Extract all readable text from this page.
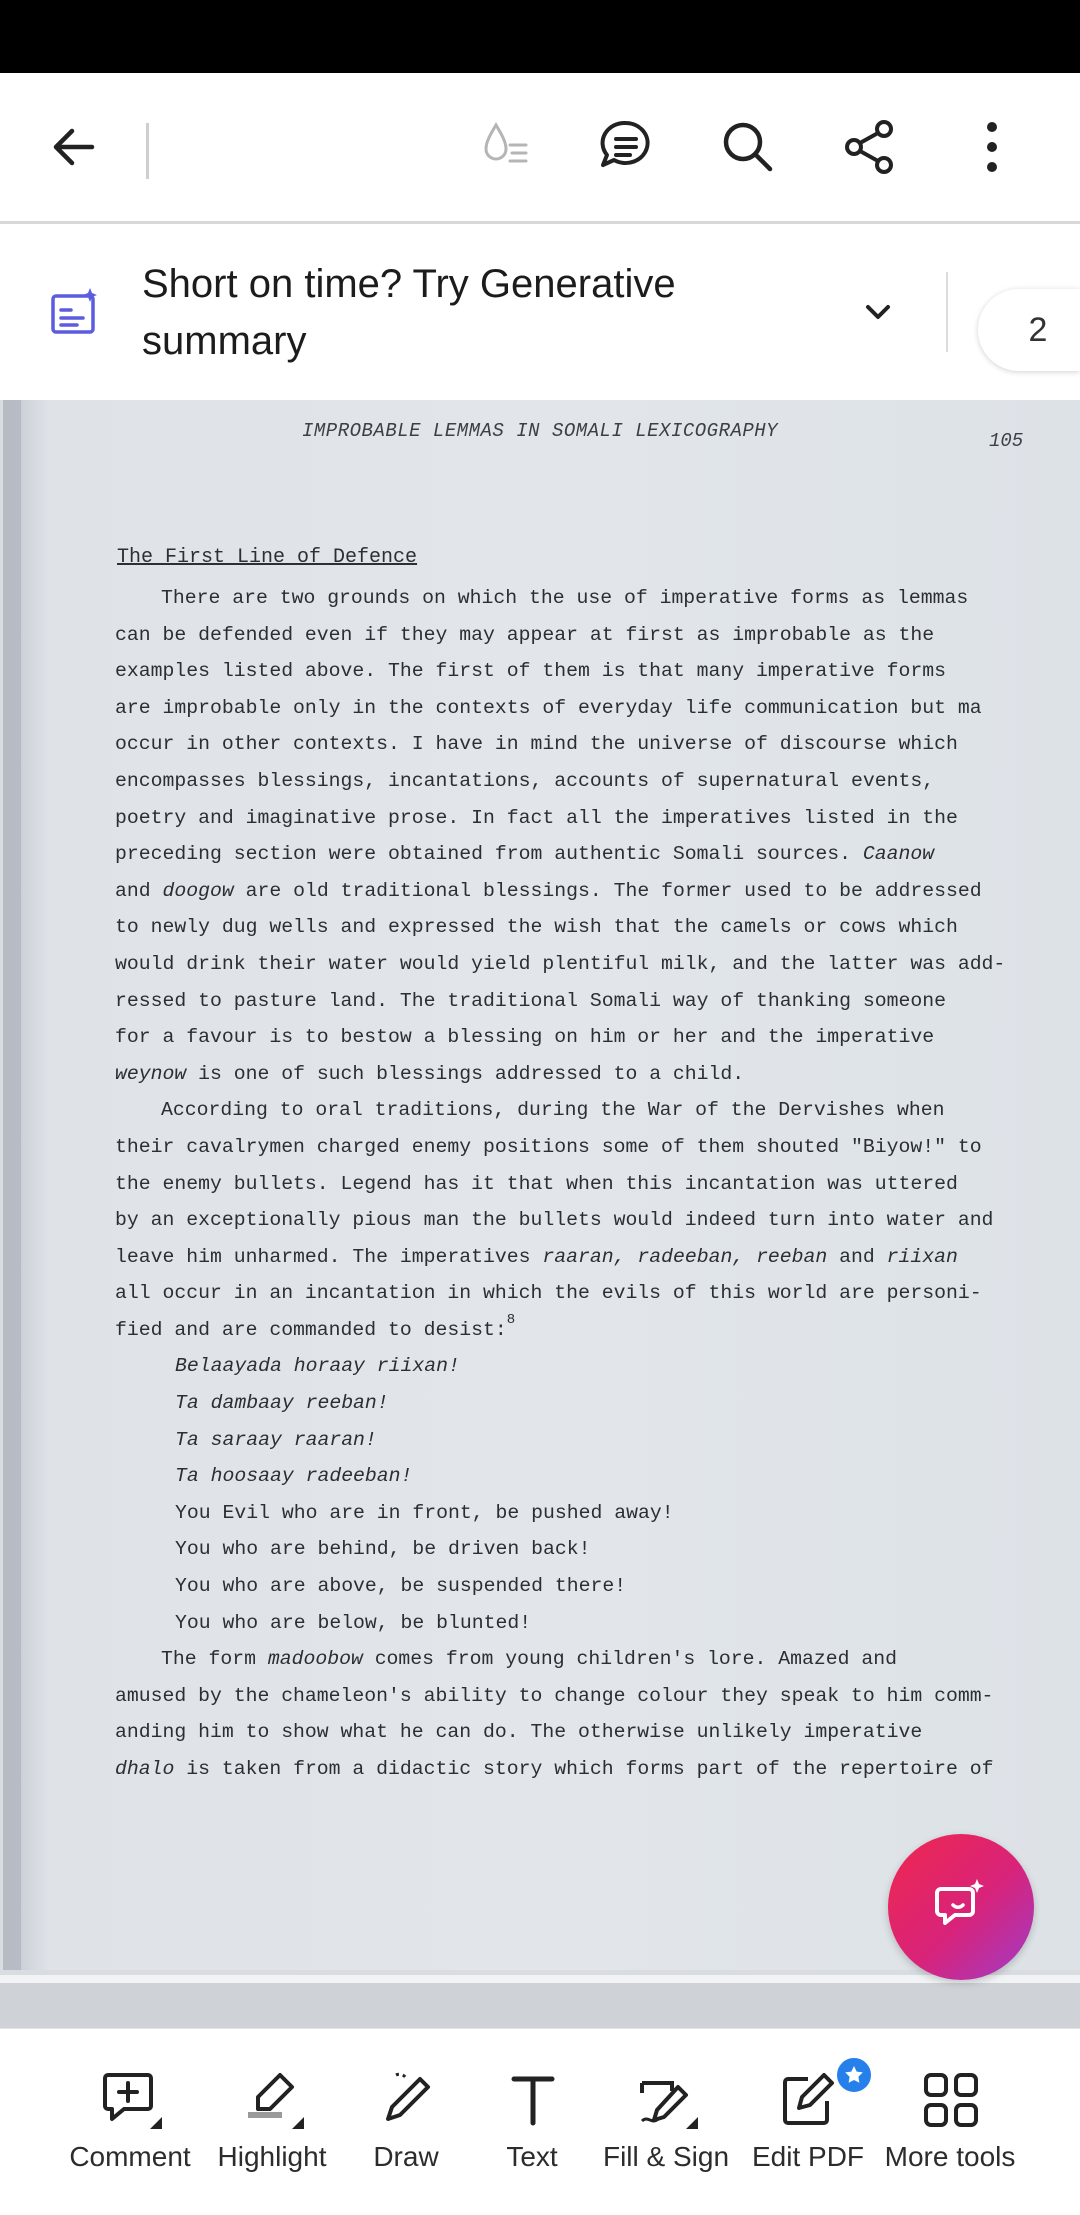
Short on time? Try Generative summary
IMPROBABLE LEMMAS IN SOMALI LEXICOGRAPHY	105
The First Line of Defence

There are two grounds on which the use of imperative forms as lemmas

can be defended even if they may appear at first as improbable as the

examples listed above. The first of them is that many imperative forms

are improbable only in the contexts of everyday life communication but ma

occur in other contexts. I have in mind the universe of discourse which

encompasses blessings, incantations, accounts of supernatural events,

poetry and imaginative prose. In fact all the imperatives listed in the

preceding section were obtained from authentic Somali sources. Caanow

and doogow are old traditional blessings. The former used to be addressed

to newly dug wells and expressed the wish that the camels or cows which

would drink their water would yield plentiful milk, and the latter was add-

ressed to pasture land. The traditional Somali way of thanking someone

for a favour is to bestow a blessing on him or her and the imperative

weynow is one of such blessings addressed to a child.

According to oral traditions, during the War of the Dervishes when

their cavalrymen charged enemy positions some of them shouted "Biyow!" to

the enemy bullets. Legend has it that when this incantation was uttered

by an exceptionally pious man the bullets would indeed turn into water and

leave him unharmed. The imperatives raaran, radeeban, reeban and riixan

all occur in an incantation in which the evils of this world are personi-

fied and are commanded to desist:$^8$

Belaayada horaay riixan!

Ta dambaay reeban!

Ta saraay raaran!

Ta hoosaay radeeban!

You Evil who are in front, be pushed away!

You who are behind, be driven back!

You who are above, be suspended there!

You who are below, be blunted!

The form madoobow comes from young children's lore. Amazed and

amused by the chameleon's ability to change colour they speak to him comm-

anding him to show what he can do. The otherwise unlikely imperative

dhalo is taken from a didactic story which forms part of the repertoire of

2
Comment Highlight	Draw	Text	Fill & Sign Edit PDF More tools
